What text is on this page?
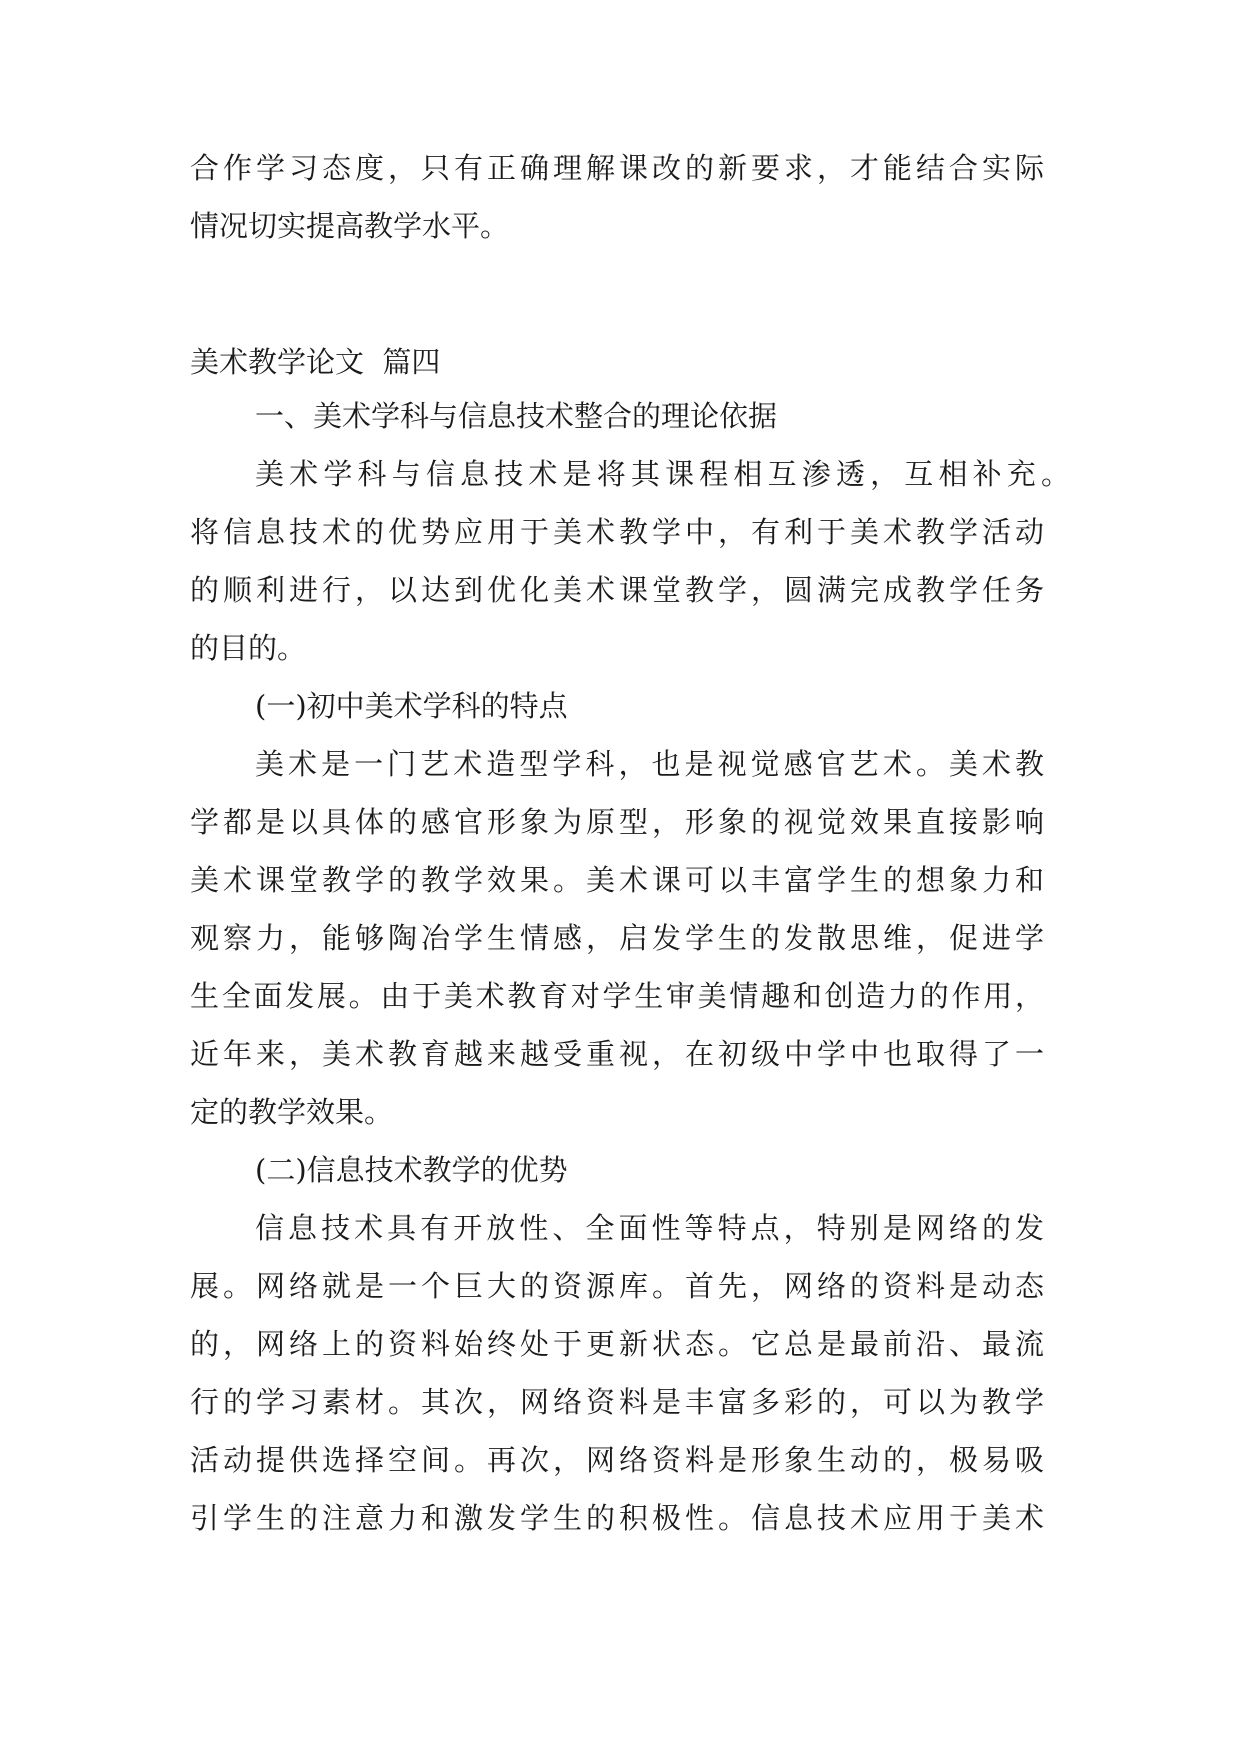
合作学习态度，只有正确理解课改的新要求，才能结合实际

情况切实提高教学水平。

美术教学论文  篇四

一、美术学科与信息技术整合的理论依据

美术学科与信息技术是将其课程相互渗透，互相补充。

将信息技术的优势应用于美术教学中，有利于美术教学活动

的顺利进行，以达到优化美术课堂教学，圆满完成教学任务

的目的。

(一)初中美术学科的特点

美术是一门艺术造型学科，也是视觉感官艺术。美术教

学都是以具体的感官形象为原型，形象的视觉效果直接影响

美术课堂教学的教学效果。美术课可以丰富学生的想象力和

观察力，能够陶冶学生情感，启发学生的发散思维，促进学

生全面发展。由于美术教育对学生审美情趣和创造力的作用，

近年来，美术教育越来越受重视，在初级中学中也取得了一

定的教学效果。

(二)信息技术教学的优势

信息技术具有开放性、全面性等特点，特别是网络的发

展。网络就是一个巨大的资源库。首先，网络的资料是动态

的，网络上的资料始终处于更新状态。它总是最前沿、最流

行的学习素材。其次，网络资料是丰富多彩的，可以为教学

活动提供选择空间。再次，网络资料是形象生动的，极易吸

引学生的注意力和激发学生的积极性。信息技术应用于美术
